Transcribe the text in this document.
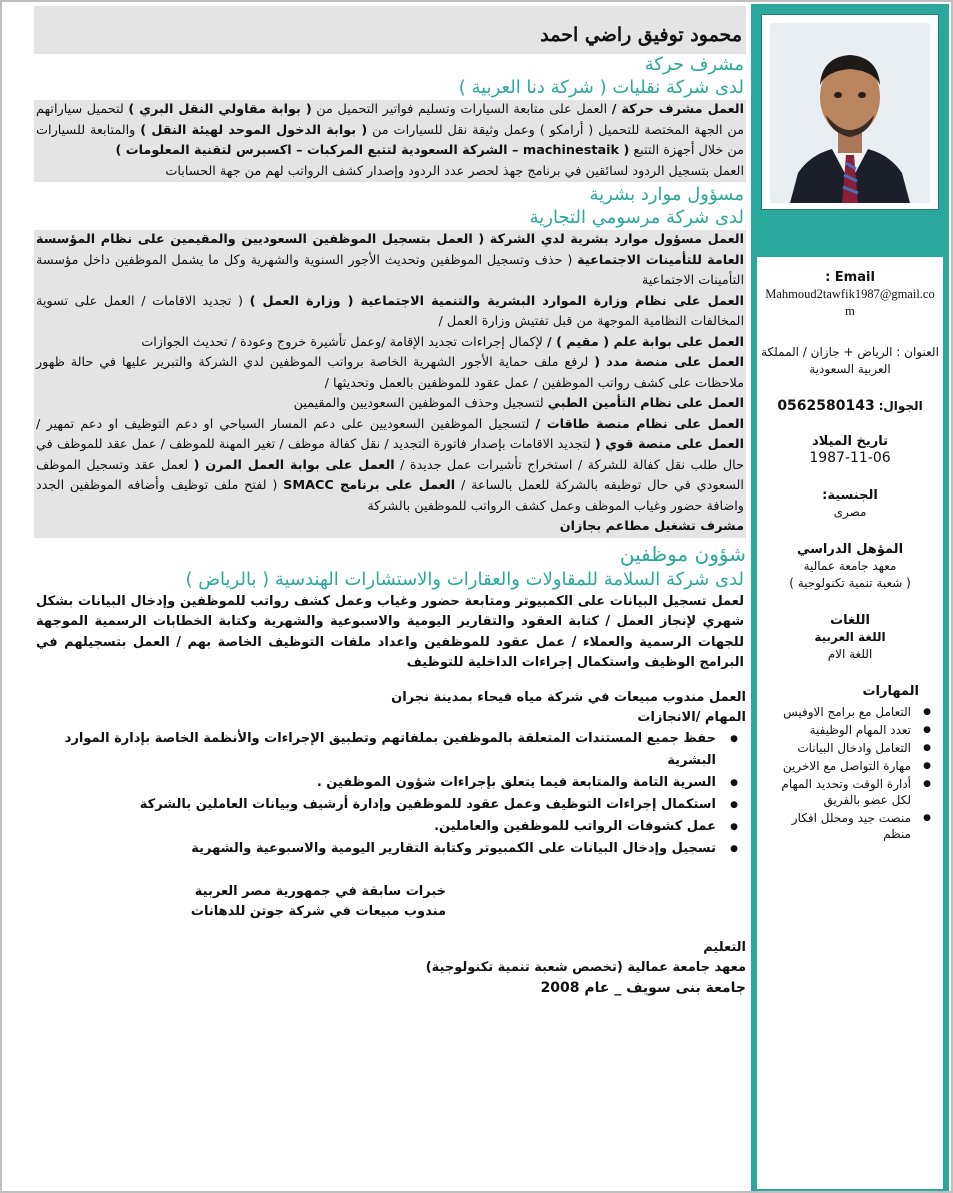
Email :
Mahmoud2tawfik1987@gmail.com
العنوان : الرياض + جازان / المملكة العربية السعودية
الجوال: 0562580143
تاريخ الميلاد
1987-11-06
الجنسية:
مصرى
المؤهل الدراسي
معهد جامعة عمالية
( شعبة تنمية تكنولوجية )
اللغات
اللغة العربية
اللغة الام
المهارات
● التعامل مع برامج الاوفيس
● تعدد المهام الوظيفية
● التعامل وادخال البيانات
● مهارة التواصل مع الاخرين
● أدارة الوقت وتحديد المهام لكل عضو بالفريق
● منصت جيد ومحلل افكار منظم
محمود توفيق راضي احمد
مشرف حركة
لدى شركة نقليات ( شركة دنا العربية )
العمل مشرف حركة / العمل على متابعة السيارات وتسليم فواتير التحميل من ( بوابة مقاولي النقل البري ) لتحميل سياراتهم من الجهة المختصة للتحميل ( أرامكو ) وعمل وثيقة نقل للسيارات من ( بوابة الدخول الموحد لهيئة النقل ) والمتابعة للسيارات من خلال أجهزة التتبع ( machinestaik – الشركة السعودية لتتبع المركبات – اكسبرس لتقنية المعلومات )
العمل بتسجيل الردود لسائقين في برنامج جهذ لحصر عدد الردود وإصدار كشف الرواتب لهم من جهة الحسابات
مسؤول موارد بشرية
لدى شركة مرسومي التجارية
العمل مسؤول موارد بشرية لدي الشركة ( العمل بتسجيل الموظفين السعوديين والمقيمين على نظام المؤسسة العامة للتأمينات الاجتماعية ( حذف وتسجيل الموظفين وتحديث الأجور السنوية والشهرية وكل ما يشمل الموظفين داخل مؤسسة التأمينات الاجتماعية
العمل على نظام وزارة الموارد البشرية والتنمية الاجتماعية ( وزارة العمل ) ( تجديد الاقامات / العمل على تسوية المخالفات النظامية الموجهة من قبل تفتيش وزارة العمل /
العمل على بوابة علم ( مقيم ) / لإكمال إجراءات تجديد الإقامة /وعمل تأشيرة خروج وعودة / تحديث الجوازات
العمل على منصة مدد ( لرفع ملف حماية الأجور الشهرية الخاصة برواتب الموظفين لدي الشركة والتبرير عليها في حالة ظهور ملاحظات على كشف رواتب الموظفين / عمل عقود للموظفين بالعمل وتحديثها /
العمل على نظام التأمين الطبي لتسجيل وحذف الموظفين السعوديين والمقيمين
العمل على نظام منصة طاقات / لتسجيل الموظفين السعوديين على دعم المسار السياحي او دعم التوظيف او دعم تمهير / العمل على منصة قوي ( لتجديد الاقامات بإصدار فاتورة التجديد / نقل كفالة موظف / تغير المهنة للموظف / عمل عقد للموظف في حال طلب نقل كفالة للشركة / استخراج تأشيرات عمل جديدة / العمل على بوابة العمل المرن ( لعمل عقد وتسجيل الموظف السعودي في حال توظيفه بالشركة للعمل بالساعة / العمل على برنامج SMACC ( لفتح ملف توظيف وأضافه الموظفين الجدد واضافة حضور وغياب الموظف وعمل كشف الرواتب للموظفين بالشركة
مشرف تشغيل مطاعم بجازان
شؤون موظفين
لدى شركة السلامة للمقاولات والعقارات والاستشارات الهندسية ( بالرياض )
لعمل تسجيل البيانات على الكمبيوتر ومتابعة حضور وغياب وعمل كشف رواتب للموظفين وإدخال البيانات بشكل شهري لإنجاز العمل / كتابة العقود والتقارير اليومية والاسبوعية والشهرية وكتابة الخطابات الرسمية الموجهة للجهات الرسمية والعملاء / عمل عقود للموظفين واعداد ملفات التوظيف الخاصة بهم / العمل بتسجيلهم في البرامج الوظيف واستكمال إجراءات الداخلية للتوظيف
العمل مندوب مبيعات في شركة مياه فيحاء بمدينة نجران
المهام /الانجازات
● حفظ جميع المستندات المتعلقة بالموظفين بملفاتهم وتطبيق الإجراءات والأنظمة الخاصة بإدارة الموارد البشرية
● السرية التامة والمتابعة فيما يتعلق بإجراءات شؤون الموظفين .
● استكمال إجراءات التوظيف وعمل عقود للموظفين وإدارة أرشيف وبيانات العاملين بالشركة
● عمل كشوفات الرواتب للموظفين والعاملين.
● تسجيل وإدخال البيانات على الكمبيوتر وكتابة التقارير اليومية والاسبوعية والشهرية
خبرات سابقة في جمهورية مصر العربية
مندوب مبيعات في شركة جوتن للدهانات
التعليم
معهد جامعة عمالية (تخصص شعبة تنمية تكنولوجية)
جامعة بنى سويف _ عام 2008
